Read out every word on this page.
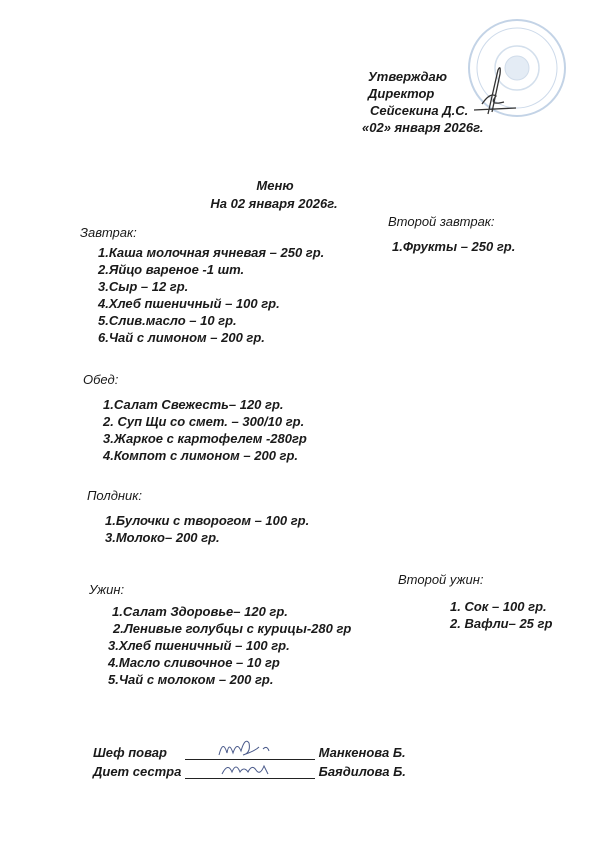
Утверждаю
Директор
Сейсекина Д.С.
«02» января 2026г.
Меню
На 02 января 2026г.
Завтрак:
1.Каша молочная ячневая – 250 гр.
2.Яйцо вареное -1 шт.
3.Сыр – 12 гр.
4.Хлеб пшеничный – 100 гр.
5.Слив.масло – 10 гр.
6.Чай с лимоном – 200 гр.
Второй завтрак:
1.Фрукты – 250 гр.
Обед:
1.Салат Свежесть– 120 гр.
2. Суп Щи со смет. – 300/10 гр.
3.Жаркое с картофелем -280гр
4.Компот с лимоном – 200 гр.
Полдник:
1.Булочки с творогом – 100 гр.
3.Молоко– 200 гр.
Ужин:
1.Салат Здоровье– 120 гр.
2.Ленивые голубцы с курицы-280 гр
3.Хлеб пшеничный – 100 гр.
4.Масло сливочное – 10 гр
5.Чай с молоком – 200 гр.
Второй ужин:
1. Сок – 100 гр.
2. Вафли– 25 гр
Шеф повар	Манкенова Б.
Диет сестра	Баядилова Б.
